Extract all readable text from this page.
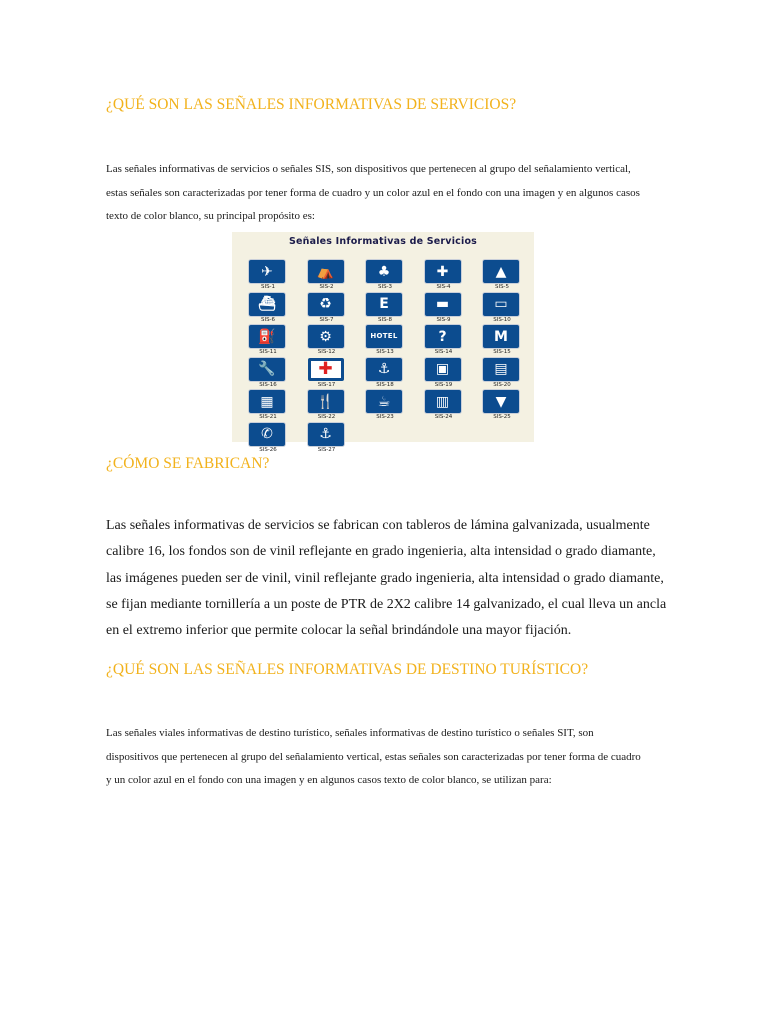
¿QUÉ SON LAS SEÑALES INFORMATIVAS DE SERVICIOS?

Las señales informativas de servicios o señales SIS, son dispositivos que pertenecen al grupo del señalamiento vertical,
estas señales son caracterizadas por tener forma de cuadro y un color azul en el fondo con una imagen y en algunos casos
texto de color blanco, su principal propósito es:

Señales Informativas de Servicios
✈
SIS-1
⛺
SIS-2
♣
SIS-3
✚
SIS-4
▲
SIS-5
⛴
SIS-6
♻
SIS-7
E
SIS-8
▬
SIS-9
▭
SIS-10
⛽
SIS-11
⚙
SIS-12
HOTEL
SIS-13
?
SIS-14
M
SIS-15
🔧
SIS-16
✚
SIS-17
⚓
SIS-18
▣
SIS-19
▤
SIS-20
▦
SIS-21
🍴
SIS-22
☕
SIS-23
▥
SIS-24
▼
SIS-25
✆
SIS-26
⚓
SIS-27
¿CÓMO SE FABRICAN?

Las señales informativas de servicios se fabrican con tableros de lámina galvanizada, usualmente
calibre 16, los fondos son de vinil reflejante en grado ingenieria, alta intensidad o grado diamante,
las imágenes pueden ser de vinil, vinil reflejante grado ingenieria, alta intensidad o grado diamante,
se fijan mediante tornillería a un poste de PTR de 2X2 calibre 14 galvanizado, el cual lleva un ancla
en el extremo inferior que permite colocar la señal brindándole una mayor fijación.

¿QUÉ SON LAS SEÑALES INFORMATIVAS DE DESTINO TURÍSTICO?

Las señales viales informativas de destino turístico, señales informativas de destino turístico o señales SIT, son
dispositivos que pertenecen al grupo del señalamiento vertical, estas señales son caracterizadas por tener forma de cuadro
y un color azul en el fondo con una imagen y en algunos casos texto de color blanco, se utilizan para:
